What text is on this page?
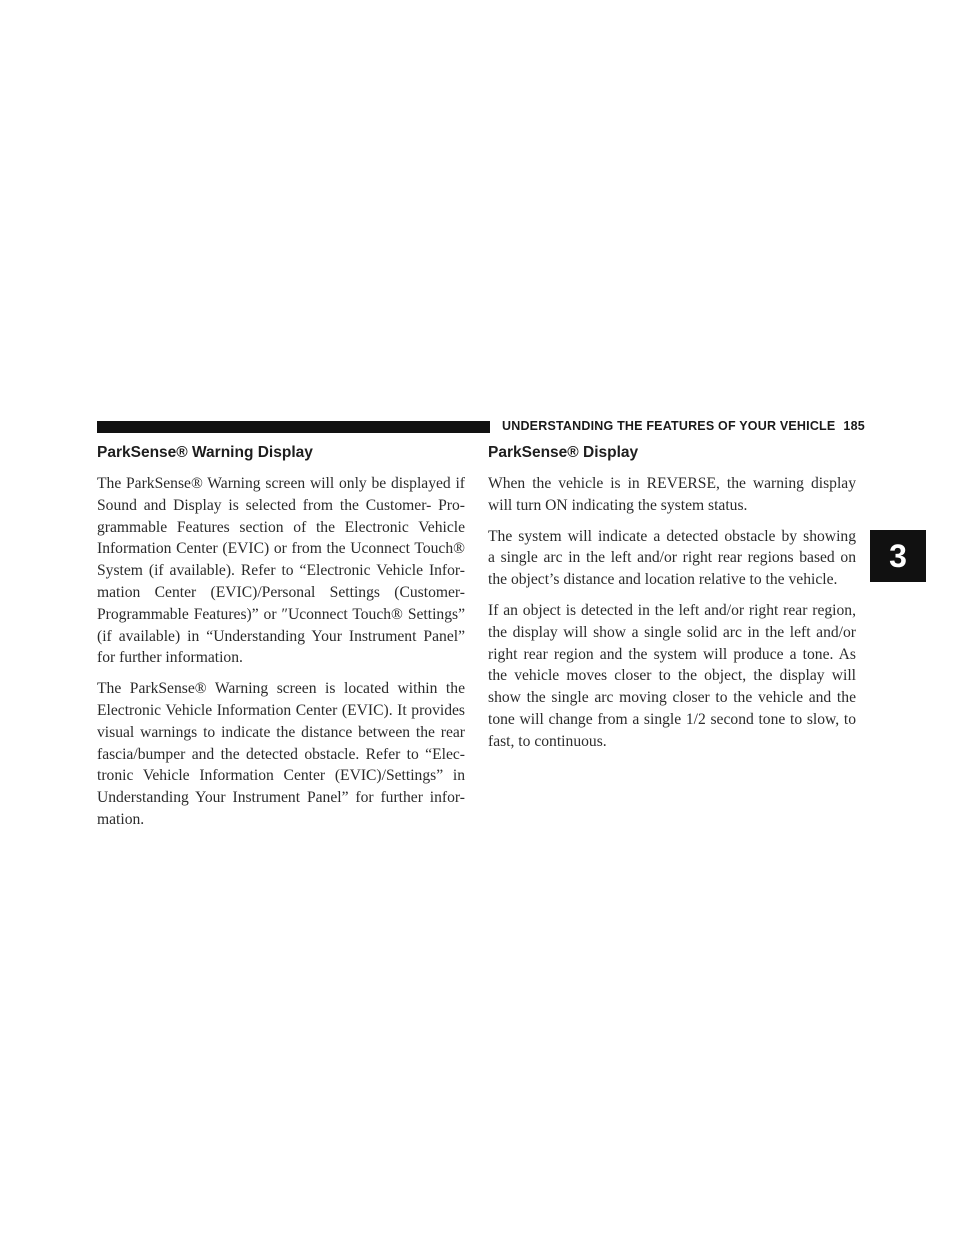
UNDERSTANDING THE FEATURES OF YOUR VEHICLE 185
3
ParkSense® Warning Display

The ParkSense® Warning screen will only be displayed if
Sound and Display is selected from the Customer- Pro-
grammable Features section of the Electronic Vehicle
Information Center (EVIC) or from the Uconnect Touch®
System (if available). Refer to “Electronic Vehicle Infor-
mation Center (EVIC)/Personal Settings (Customer-
Programmable Features)” or ″Uconnect Touch® Settings”
(if available) in “Understanding Your Instrument Panel”
for further information.

The ParkSense® Warning screen is located within the
Electronic Vehicle Information Center (EVIC). It provides
visual warnings to indicate the distance between the rear
fascia/bumper and the detected obstacle. Refer to “Elec-
tronic Vehicle Information Center (EVIC)/Settings” in
Understanding Your Instrument Panel” for further infor-
mation.

ParkSense® Display

When the vehicle is in REVERSE, the warning display
will turn ON indicating the system status.

The system will indicate a detected obstacle by showing
a single arc in the left and/or right rear regions based on
the object’s distance and location relative to the vehicle.

If an object is detected in the left and/or right rear region,
the display will show a single solid arc in the left and/or
right rear region and the system will produce a tone. As
the vehicle moves closer to the object, the display will
show the single arc moving closer to the vehicle and the
tone will change from a single 1/2 second tone to slow, to
fast, to continuous.
